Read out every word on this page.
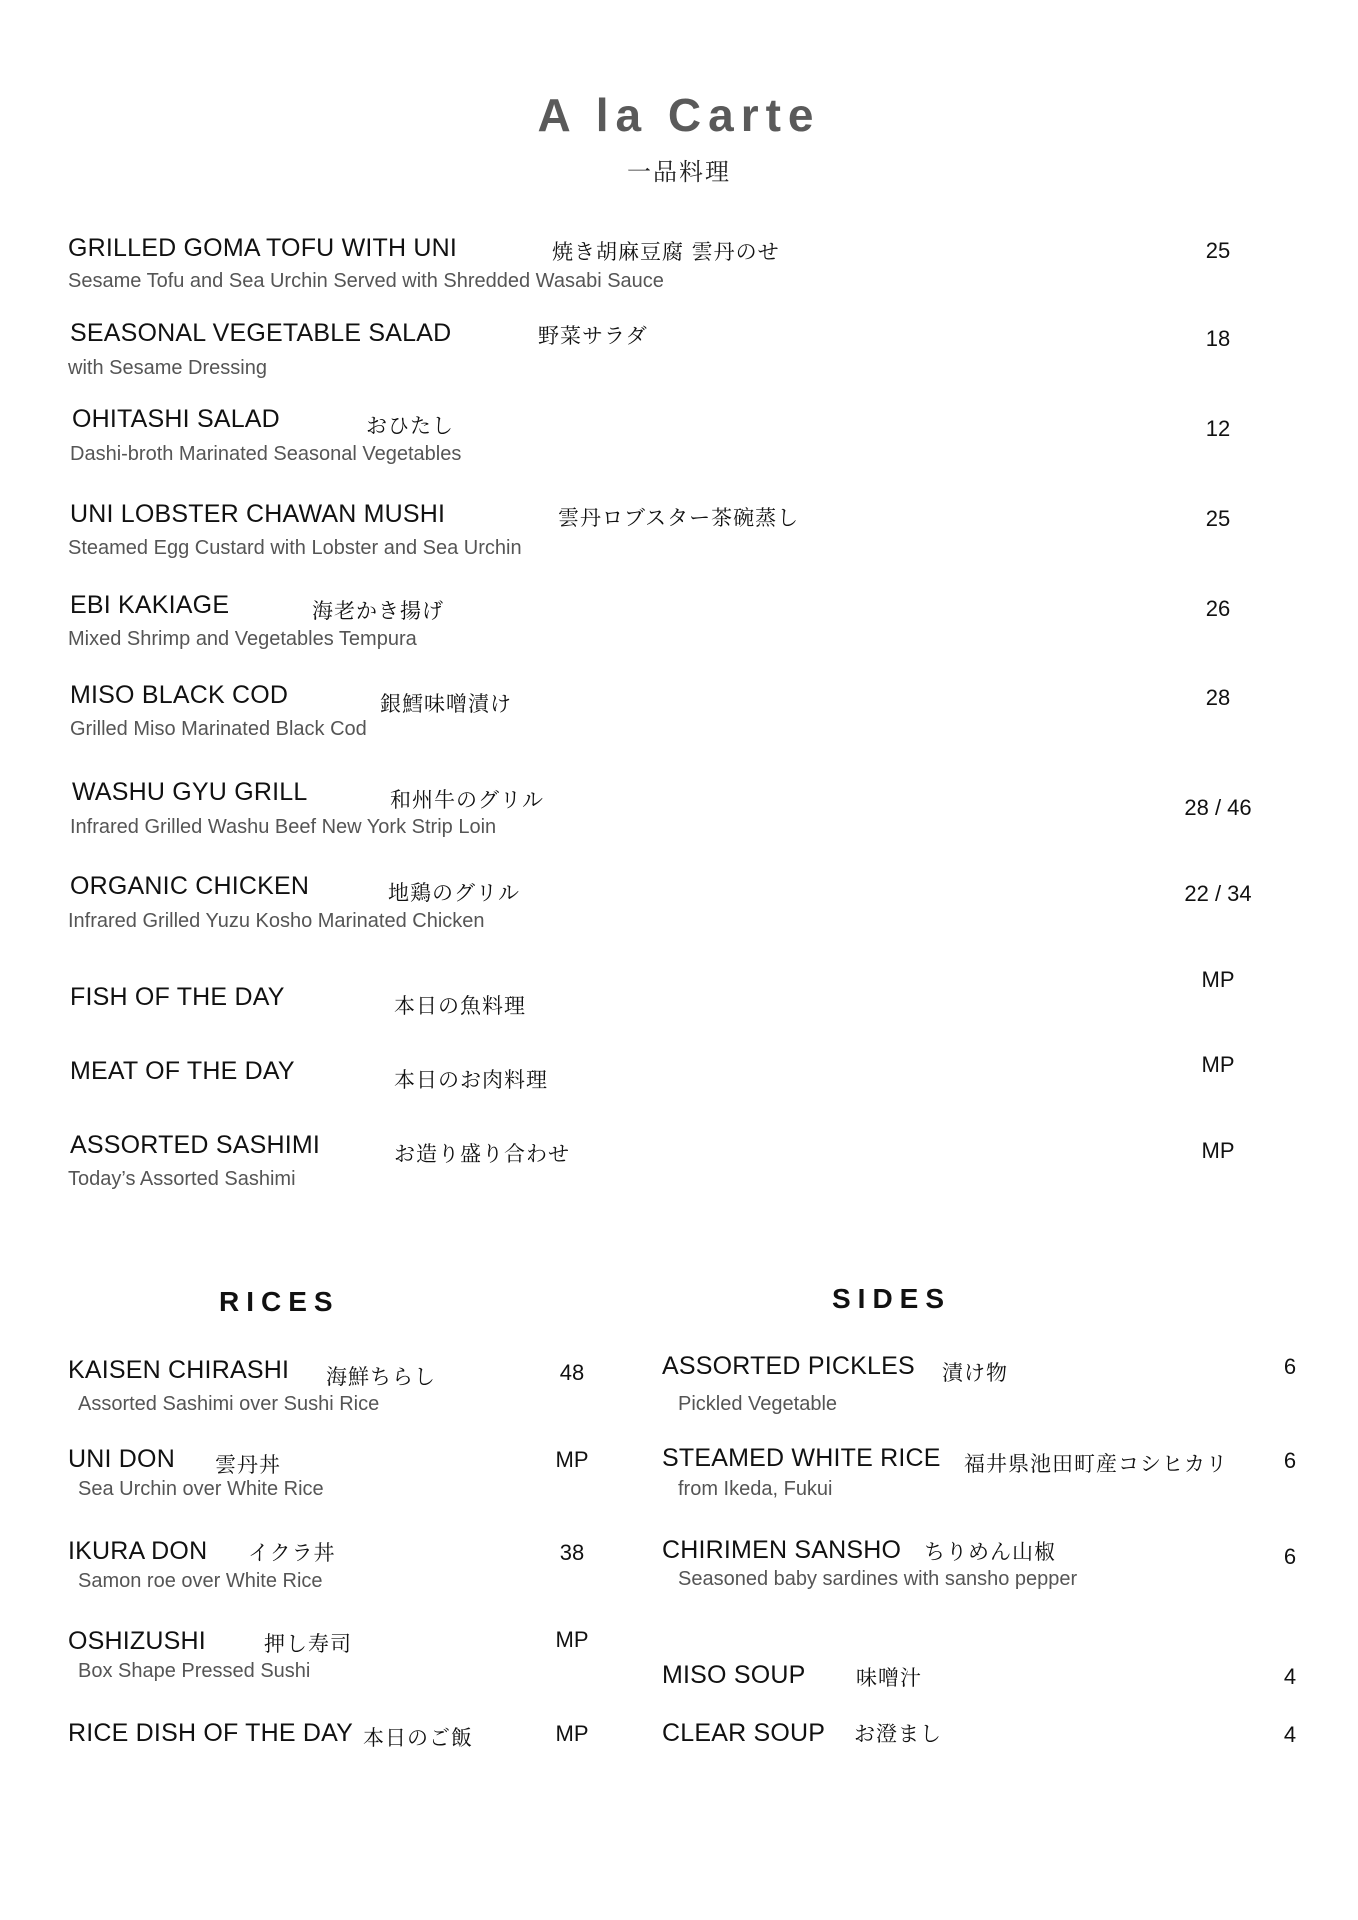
A la Carte
一品料理
GRILLED GOMA TOFU WITH UNI	焼き胡麻豆腐 雲丹のせ
Sesame Tofu and Sea Urchin Served with Shredded Wasabi Sauce
25
SEASONAL VEGETABLE SALAD	野菜サラダ
with Sesame Dressing
18
OHITASHI SALAD	おひたし
Dashi-broth Marinated Seasonal Vegetables
12
UNI LOBSTER CHAWAN MUSHI	雲丹ロブスター茶碗蒸し
Steamed Egg Custard with Lobster and Sea Urchin
25
EBI KAKIAGE	海老かき揚げ
Mixed Shrimp and Vegetables Tempura
26
MISO BLACK COD	銀鱈味噌漬け
Grilled Miso Marinated Black Cod
28
WASHU GYU GRILL	和州牛のグリル
Infrared Grilled Washu Beef New York Strip Loin
28 / 46
ORGANIC CHICKEN	地鶏のグリル
Infrared Grilled Yuzu Kosho Marinated Chicken
22 / 34
FISH OF THE DAY	本日の魚料理
MP
MEAT OF THE DAY	本日のお肉料理
MP
ASSORTED SASHIMI	お造り盛り合わせ
Today’s Assorted Sashimi
MP
RICES
KAISEN CHIRASHI 海鮮ちらし
Assorted Sashimi over Sushi Rice
48
UNI DON 雲丹丼
Sea Urchin over White Rice
MP
IKURA DON イクラ丼
Samon roe over White Rice
38
OSHIZUSHI	押し寿司
Box Shape Pressed Sushi
MP
RICE DISH OF THE DAY 本日のご飯	MP
SIDES
ASSORTED PICKLES 漬け物
Pickled Vegetable
6
STEAMED WHITE RICE 福井県池田町産コシヒカリ
from Ikeda, Fukui
6
CHIRIMEN SANSHO ちりめん山椒
Seasoned baby sardines with sansho pepper
6
MISO SOUP 味噌汁	4
CLEAR SOUP お澄まし	4
